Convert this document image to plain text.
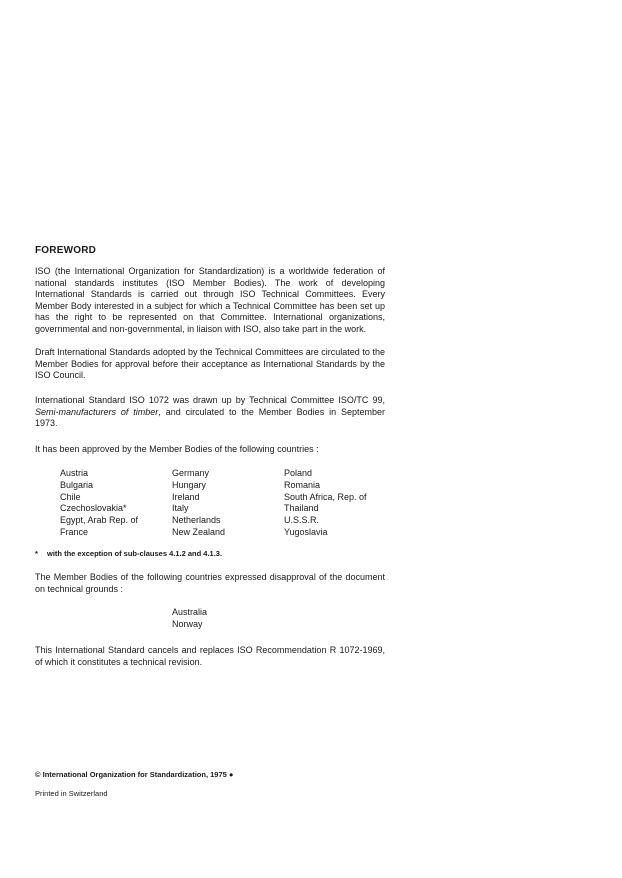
FOREWORD
ISO (the International Organization for Standardization) is a worldwide federation of national standards institutes (ISO Member Bodies). The work of developing International Standards is carried out through ISO Technical Committees. Every Member Body interested in a subject for which a Technical Committee has been set up has the right to be represented on that Committee. International organizations, governmental and non-governmental, in liaison with ISO, also take part in the work.
Draft International Standards adopted by the Technical Committees are circulated to the Member Bodies for approval before their acceptance as International Standards by the ISO Council.
International Standard ISO 1072 was drawn up by Technical Committee ISO/TC 99, Semi-manufacturers of timber, and circulated to the Member Bodies in September 1973.
It has been approved by the Member Bodies of the following countries :
Austria
Bulgaria
Chile
Czechoslovakia*
Egypt, Arab Rep. of
France
Germany
Hungary
Ireland
Italy
Netherlands
New Zealand
Poland
Romania
South Africa, Rep. of
Thailand
U.S.S.R.
Yugoslavia
* with the exception of sub-clauses 4.1.2 and 4.1.3.
The Member Bodies of the following countries expressed disapproval of the document on technical grounds :
Australia
Norway
This International Standard cancels and replaces ISO Recommendation R 1072-1969, of which it constitutes a technical revision.
© International Organization for Standardization, 1975 ●
Printed in Switzerland
